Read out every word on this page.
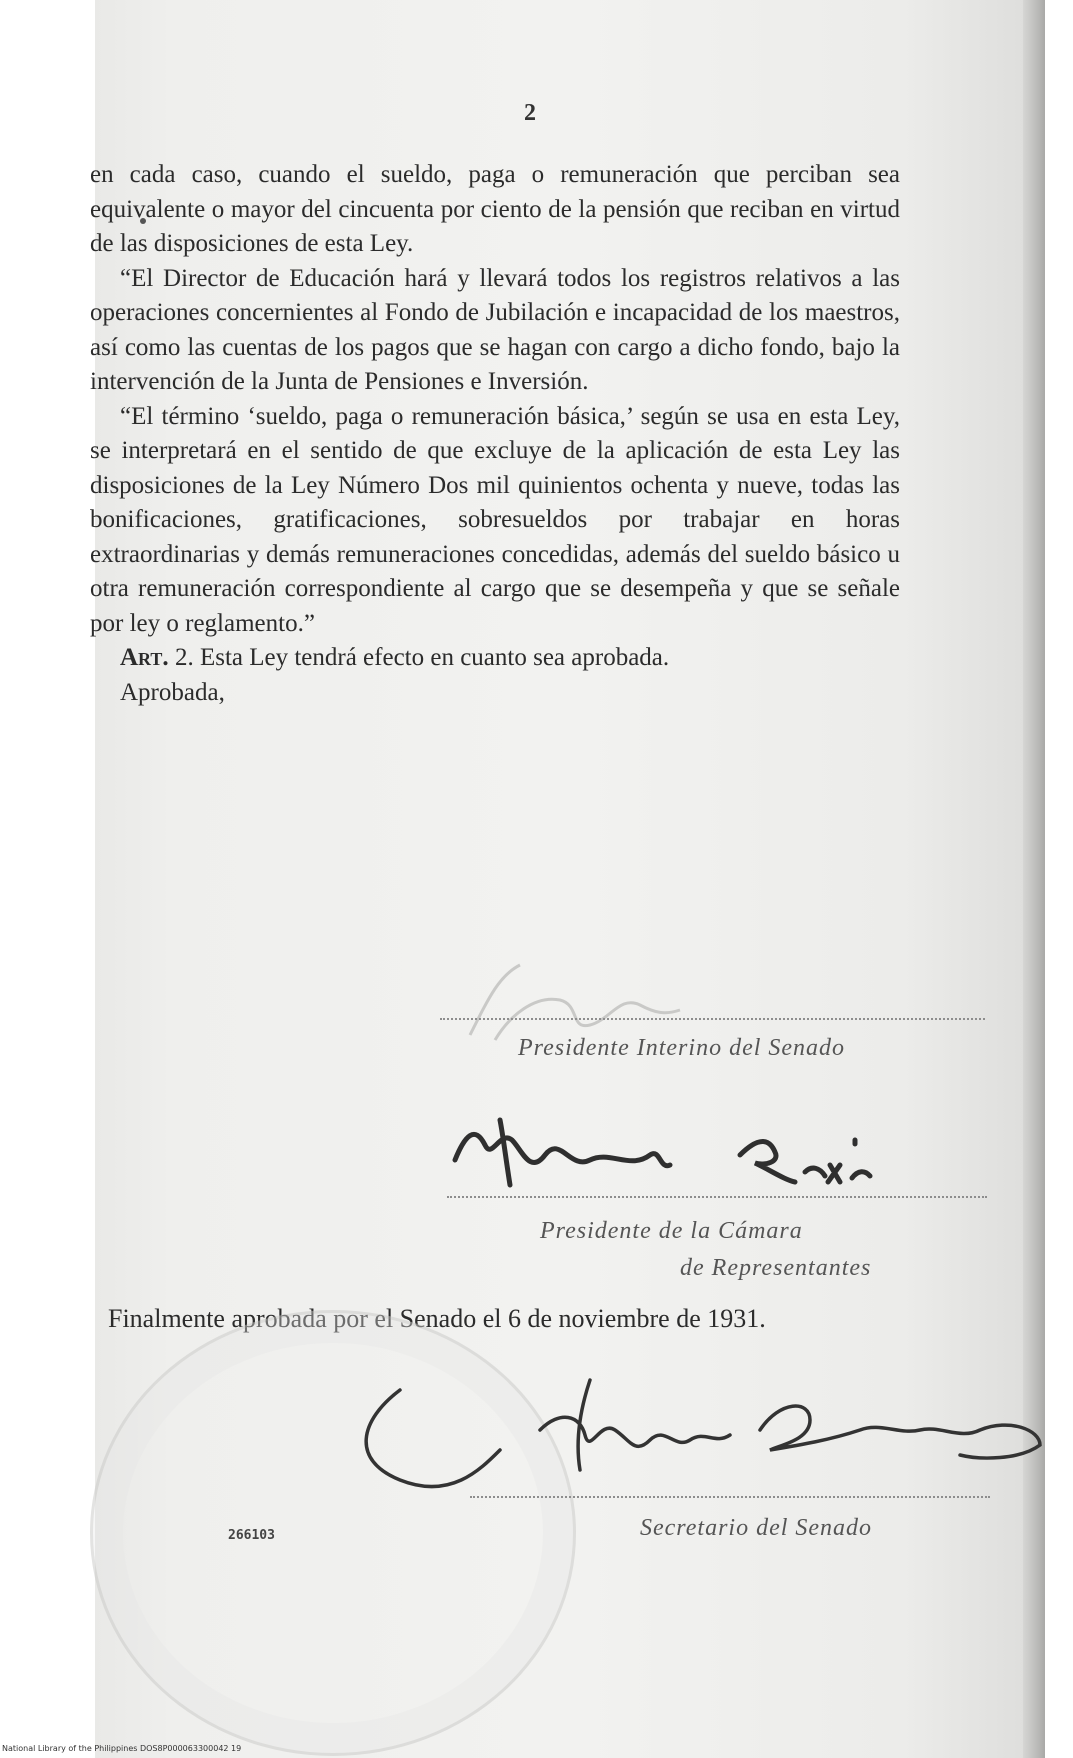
2

en cada caso, cuando el sueldo, paga o remuneración que perciban sea equivalente o mayor del cincuenta por ciento de la pensión que reciban en virtud de las disposiciones de esta Ley.

“El Director de Educación hará y llevará todos los registros relativos a las operaciones concernientes al Fondo de Jubilación e incapacidad de los maestros, así como las cuentas de los pagos que se hagan con cargo a dicho fondo, bajo la intervención de la Junta de Pensiones e Inversión.

“El término ‘sueldo, paga o remuneración básica,’ según se usa en esta Ley, se interpretará en el sentido de que excluye de la aplicación de esta Ley las disposiciones de la Ley Número Dos mil quinientos ochenta y nueve, todas las bonificaciones, gratificaciones, sobresueldos por trabajar en horas extraordinarias y demás remuneraciones concedidas, además del sueldo básico u otra remuneración correspondiente al cargo que se desempeña y que se señale por ley o reglamento.”

Art. 2. Esta Ley tendrá efecto en cuanto sea aprobada.

Aprobada,

Presidente Interino del Senado
Presidente de la Cámara
de Representantes

Finalmente aprobada por el Senado el 6 de noviembre de 1931.

Secretario del Senado
266103
National Library of the Philippines DOS8P000063300042 19
